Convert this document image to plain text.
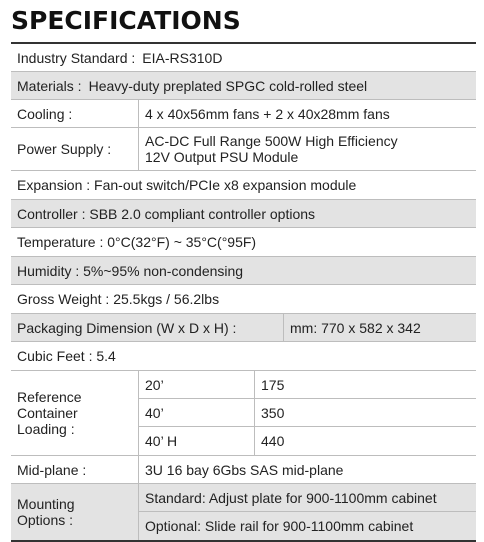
SPECIFICATIONS
Industry Standard : EIA-RS310D
Materials : Heavy-duty preplated SPGC cold-rolled steel
Cooling :	4 x 40x56mm fans + 2 x 40x28mm fans
Power Supply : AC-DC Full Range 500W High Efficiency
12V Output PSU Module
Expansion : Fan-out switch/PCIe x8 expansion module
Controller : SBB 2.0 compliant controller options
Temperature : 0°C(32°F) ~ 35°C(°95F)
Humidity : 5%~95% non-condensing
Gross Weight : 25.5kgs / 56.2lbs
Packaging Dimension (W x D x H) :	mm: 770 x 582 x 342
Cubic Feet : 5.4
Reference
Container
Loading :
20’	175
40’	350
40’ H	440
Mid-plane :	3U 16 bay 6Gbs SAS mid-plane
Mounting
Options :
Standard: Adjust plate for 900-1100mm cabinet
Optional: Slide rail for 900-1100mm cabinet
